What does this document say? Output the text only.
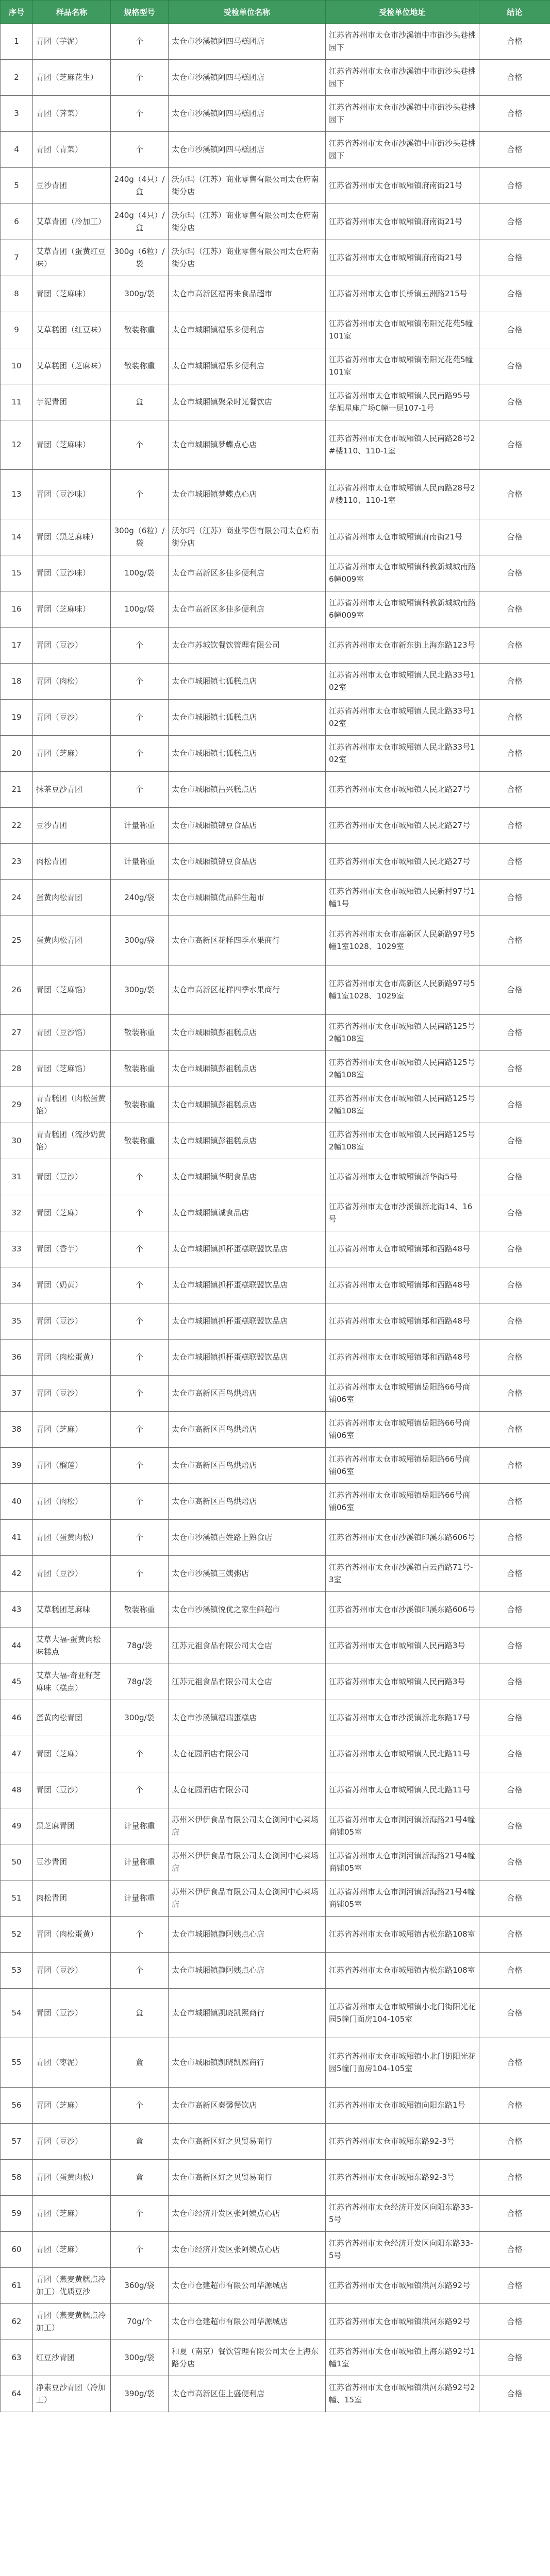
序号	样品名称	规格型号	受检单位名称	受检单位地址	结论
1	青团（芋泥）	个	太仓市沙溪镇阿四马糕团店	江苏省苏州市太仓市沙溪镇中市街沙头巷桃园下	合格
2	青团（芝麻花生）	个	太仓市沙溪镇阿四马糕团店	江苏省苏州市太仓市沙溪镇中市街沙头巷桃园下	合格
3	青团（荠菜）	个	太仓市沙溪镇阿四马糕团店	江苏省苏州市太仓市沙溪镇中市街沙头巷桃园下	合格
4	青团（青菜）	个	太仓市沙溪镇阿四马糕团店	江苏省苏州市太仓市沙溪镇中市街沙头巷桃园下	合格
5	豆沙青团	240g（4只）/盒	沃尔玛（江苏）商业零售有限公司太仓府南街分店	江苏省苏州市太仓市城厢镇府南街21号	合格
6	艾草青团（冷加工）	240g（4只）/盒	沃尔玛（江苏）商业零售有限公司太仓府南街分店	江苏省苏州市太仓市城厢镇府南街21号	合格
7	艾草青团（蛋黄红豆味）	300g（6粒）/袋	沃尔玛（江苏）商业零售有限公司太仓府南街分店	江苏省苏州市太仓市城厢镇府南街21号	合格
8	青团（芝麻味）	300g/袋	太仓市高新区福再来食品超市	江苏省苏州市太仓市长桥镇五洲路215号	合格
9	艾草糕团（红豆味）	散装称重	太仓市城厢镇福乐多便利店	江苏省苏州市太仓市城厢镇南阳光花苑5幢101室	合格
10	艾草糕团（芝麻味）	散装称重	太仓市城厢镇福乐多便利店	江苏省苏州市太仓市城厢镇南阳光花苑5幢101室	合格
11	芋泥青团	盒	太仓市城厢镇聚朵时光餐饮店	江苏省苏州市太仓市城厢镇人民南路95号华旭星座广场C幢一层107-1号	合格
12	青团（芝麻味）	个	太仓市城厢镇梦蝶点心店	江苏省苏州市太仓市城厢镇人民南路28号2#楼110、110-1室	合格
13	青团（豆沙味）	个	太仓市城厢镇梦蝶点心店	江苏省苏州市太仓市城厢镇人民南路28号2#楼110、110-1室	合格
14	青团（黑芝麻味）	300g（6粒）/袋	沃尔玛（江苏）商业零售有限公司太仓府南街分店	江苏省苏州市太仓市城厢镇府南街21号	合格
15	青团（豆沙味）	100g/袋	太仓市高新区多佳多便利店	江苏省苏州市太仓市城厢镇科教新城城南路6幢009室	合格
16	青团（芝麻味）	100g/袋	太仓市高新区多佳多便利店	江苏省苏州市太仓市城厢镇科教新城城南路6幢009室	合格
17	青团（豆沙）	个	太仓市苏城饮餐饮管理有限公司	江苏省苏州市太仓市新东街上海东路123号	合格
18	青团（肉松）	个	太仓市城厢镇七狐糕点店	江苏省苏州市太仓市城厢镇人民北路33号102室	合格
19	青团（豆沙）	个	太仓市城厢镇七狐糕点店	江苏省苏州市太仓市城厢镇人民北路33号102室	合格
20	青团（芝麻）	个	太仓市城厢镇七狐糕点店	江苏省苏州市太仓市城厢镇人民北路33号102室	合格
21	抹茶豆沙青团	个	太仓市城厢镇吕兴糕点店	江苏省苏州市太仓市城厢镇人民北路27号	合格
22	豆沙青团	计量称重	太仓市城厢镇锦豆食品店	江苏省苏州市太仓市城厢镇人民北路27号	合格
23	肉松青团	计量称重	太仓市城厢镇锦豆食品店	江苏省苏州市太仓市城厢镇人民北路27号	合格
24	蛋黄肉松青团	240g/袋	太仓市城厢镇优品鲜生超市	江苏省苏州市太仓市城厢镇人民新村97号1幢1号	合格
25	蛋黄肉松青团	300g/袋	太仓市高新区花样四季水果商行	江苏省苏州市太仓市高新区人民新路97号5幢1室1028、1029室	合格
26	青团（芝麻馅）	300g/袋	太仓市高新区花样四季水果商行	江苏省苏州市太仓市高新区人民新路97号5幢1室1028、1029室	合格
27	青团（豆沙馅）	散装称重	太仓市城厢镇彭祖糕点店	江苏省苏州市太仓市城厢镇人民南路125号2幢108室	合格
28	青团（芝麻馅）	散装称重	太仓市城厢镇彭祖糕点店	江苏省苏州市太仓市城厢镇人民南路125号2幢108室	合格
29	青青糕团（肉松蛋黄馅）	散装称重	太仓市城厢镇彭祖糕点店	江苏省苏州市太仓市城厢镇人民南路125号2幢108室	合格
30	青青糕团（流沙奶黄馅）	散装称重	太仓市城厢镇彭祖糕点店	江苏省苏州市太仓市城厢镇人民南路125号2幢108室	合格
31	青团（豆沙）	个	太仓市城厢镇华明食品店	江苏省苏州市太仓市城厢镇新华街5号	合格
32	青团（芝麻）	个	太仓市城厢镇诚食品店	江苏省苏州市太仓市沙溪镇新北街14、16号	合格
33	青团（香芋）	个	太仓市城厢镇抓杯蛋糕联盟饮品店	江苏省苏州市太仓市城厢镇郑和西路48号	合格
34	青团（奶黄）	个	太仓市城厢镇抓杯蛋糕联盟饮品店	江苏省苏州市太仓市城厢镇郑和西路48号	合格
35	青团（豆沙）	个	太仓市城厢镇抓杯蛋糕联盟饮品店	江苏省苏州市太仓市城厢镇郑和西路48号	合格
36	青团（肉松蛋黄）	个	太仓市城厢镇抓杯蛋糕联盟饮品店	江苏省苏州市太仓市城厢镇郑和西路48号	合格
37	青团（豆沙）	个	太仓市高新区百鸟烘焙店	江苏省苏州市太仓市城厢镇岳阳路66号商铺06室	合格
38	青团（芝麻）	个	太仓市高新区百鸟烘焙店	江苏省苏州市太仓市城厢镇岳阳路66号商铺06室	合格
39	青团（榴莲）	个	太仓市高新区百鸟烘焙店	江苏省苏州市太仓市城厢镇岳阳路66号商铺06室	合格
40	青团（肉松）	个	太仓市高新区百鸟烘焙店	江苏省苏州市太仓市城厢镇岳阳路66号商铺06室	合格
41	青团（蛋黄肉松）	个	太仓市沙溪镇百姓路上熟食店	江苏省苏州市太仓市沙溪镇印溪东路606号	合格
42	青团（豆沙）	个	太仓市沙溪镇三姨粥店	江苏省苏州市太仓市沙溪镇白云西路71号-3室	合格
43	艾草糕团芝麻味	散装称重	太仓市沙溪镇悦优之家生鲜超市	江苏省苏州市太仓市沙溪镇印溪东路606号	合格
44	艾草大福-蛋黄肉松味糕点	78g/袋	江苏元祖食品有限公司太仓店	江苏省苏州市太仓市城厢镇人民南路3号	合格
45	艾草大福-奇亚籽芝麻味（糕点）	78g/袋	江苏元祖食品有限公司太仓店	江苏省苏州市太仓市城厢镇人民南路3号	合格
46	蛋黄肉松青团	300g/袋	太仓市沙溪镇福瑞蛋糕店	江苏省苏州市太仓市沙溪镇新北东路17号	合格
47	青团（芝麻）	个	太仓花园酒店有限公司	江苏省苏州市太仓市城厢镇人民北路11号	合格
48	青团（豆沙）	个	太仓花园酒店有限公司	江苏省苏州市太仓市城厢镇人民北路11号	合格
49	黑芝麻青团	计量称重	苏州米伊伊食品有限公司太仓浏河中心菜场店	江苏省苏州市太仓市浏河镇新海路21号4幢商铺05室	合格
50	豆沙青团	计量称重	苏州米伊伊食品有限公司太仓浏河中心菜场店	江苏省苏州市太仓市浏河镇新海路21号4幢商铺05室	合格
51	肉松青团	计量称重	苏州米伊伊食品有限公司太仓浏河中心菜场店	江苏省苏州市太仓市浏河镇新海路21号4幢商铺05室	合格
52	青团（肉松蛋黄）	个	太仓市城厢镇静阿姨点心店	江苏省苏州市太仓市城厢镇古松东路108室	合格
53	青团（豆沙）	个	太仓市城厢镇静阿姨点心店	江苏省苏州市太仓市城厢镇古松东路108室	合格
54	青团（豆沙）	盒	太仓市城厢镇凯晓凯熙商行	江苏省苏州市太仓市城厢镇小北门街阳光花园5幢门面房104-105室	合格
55	青团（枣泥）	盒	太仓市城厢镇凯晓凯熙商行	江苏省苏州市太仓市城厢镇小北门街阳光花园5幢门面房104-105室	合格
56	青团（芝麻）	个	太仓市高新区秦馨餐饮店	江苏省苏州市太仓市城厢镇向阳东路1号	合格
57	青团（豆沙）	盒	太仓市高新区好之贝贸易商行	江苏省苏州市太仓市城厢东路92-3号	合格
58	青团（蛋黄肉松）	盒	太仓市高新区好之贝贸易商行	江苏省苏州市太仓市城厢东路92-3号	合格
59	青团（芝麻）	个	太仓市经济开发区张阿姨点心店	江苏省苏州市太仓经济开发区向阳东路33-5号	合格
60	青团（芝麻）	个	太仓市经济开发区张阿姨点心店	江苏省苏州市太仓经济开发区向阳东路33-5号	合格
61	青团（燕麦黄糯点冷加工）优质豆沙	360g/袋	太仓市仓建超市有限公司华源城店	江苏省苏州市太仓市城厢镇洪河东路92号	合格
62	青团（燕麦黄糯点冷加工）	70g/个	太仓市仓建超市有限公司华源城店	江苏省苏州市太仓市城厢镇洪河东路92号	合格
63	红豆沙青团	300g/袋	和夏（南京）餐饮管理有限公司太仓上海东路分店	江苏省苏州市太仓市城厢镇上海东路92号1幢1室	合格
64	净素豆沙青团（冷加工）	390g/袋	太仓市高新区佳上盛便利店	江苏省苏州市太仓市城厢镇洪河东路92号2幢、15室	合格
